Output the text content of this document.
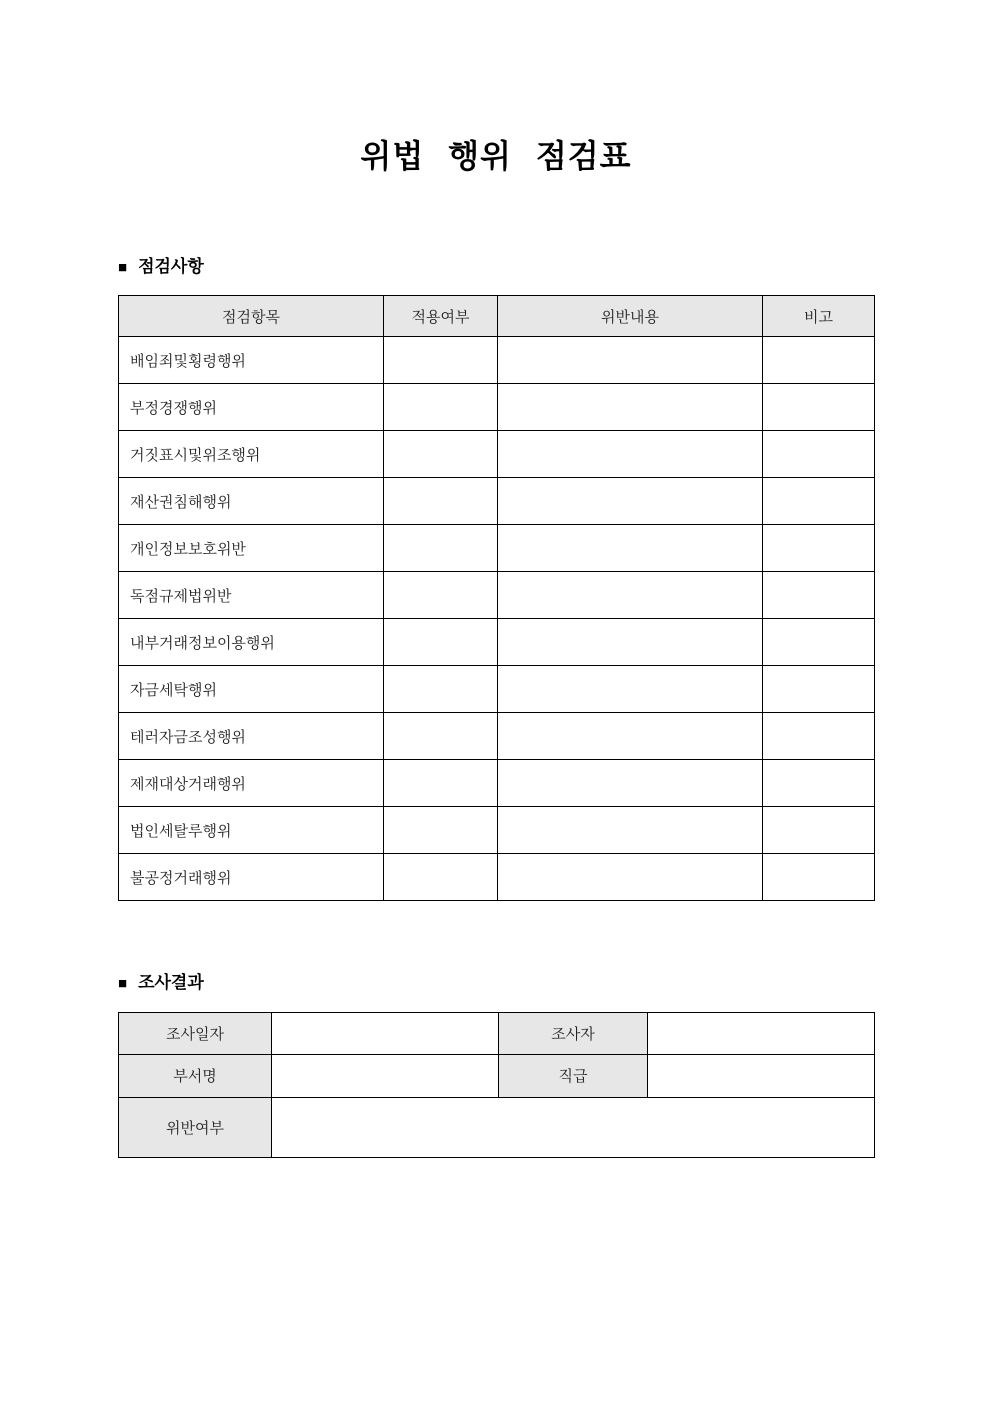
위법 행위 점검표
■ 점검사항
점검항목	적용여부	위반내용	비고
배임죄및횡령행위			
부정경쟁행위			
거짓표시및위조행위			
재산권침해행위			
개인정보보호위반			
독점규제법위반			
내부거래정보이용행위			
자금세탁행위			
테러자금조성행위			
제재대상거래행위			
법인세탈루행위			
불공정거래행위			
■ 조사결과
조사일자		조사자	
부서명		직급	
위반여부			
